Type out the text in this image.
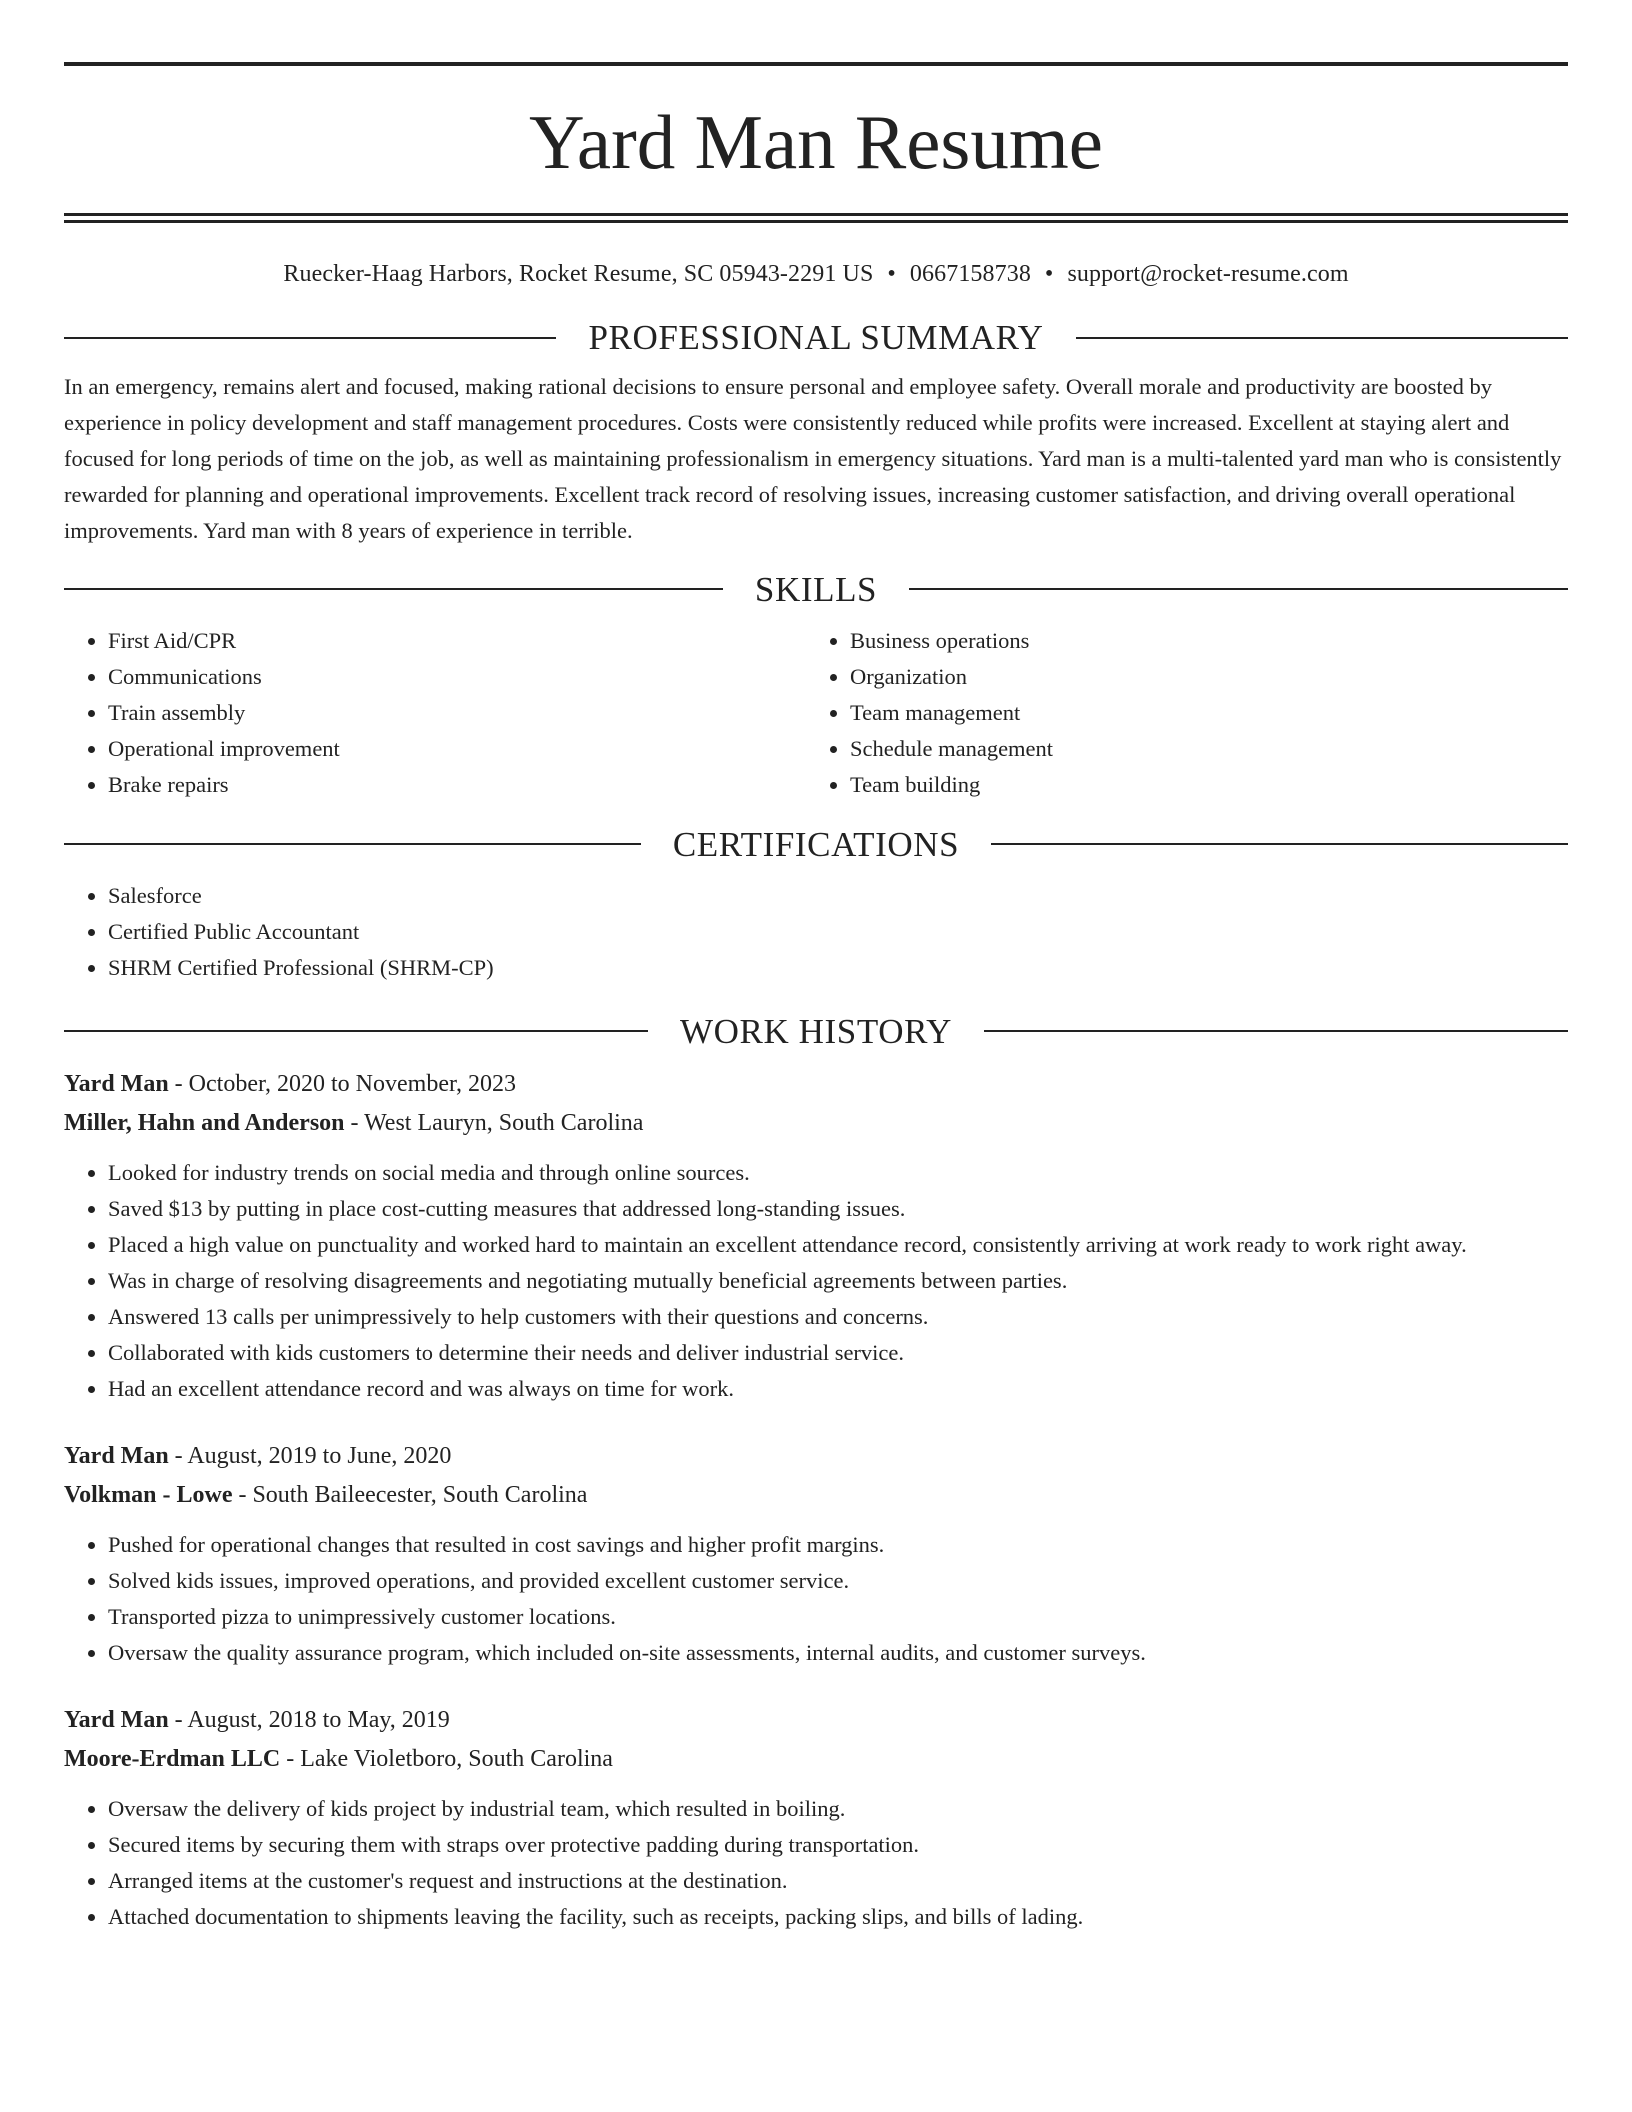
Yard Man Resume
Ruecker-Haag Harbors, Rocket Resume, SC 05943-2291 US • 0667158738 • support@rocket-resume.com
PROFESSIONAL SUMMARY

In an emergency, remains alert and focused, making rational decisions to ensure personal and employee safety. Overall morale and productivity are boosted by experience in policy development and staff management procedures. Costs were consistently reduced while profits were increased. Excellent at staying alert and focused for long periods of time on the job, as well as maintaining professionalism in emergency situations. Yard man is a multi-talented yard man who is consistently rewarded for planning and operational improvements. Excellent track record of resolving issues, increasing customer satisfaction, and driving overall operational improvements. Yard man with 8 years of experience in terrible.

SKILLS
• First Aid/CPR
• Communications
• Train assembly
• Operational improvement
• Brake repairs
• Business operations
• Organization
• Team management
• Schedule management
• Team building
CERTIFICATIONS
• Salesforce
• Certified Public Accountant
• SHRM Certified Professional (SHRM-CP)
WORK HISTORY
Yard Man - October, 2020 to November, 2023
Miller, Hahn and Anderson - West Lauryn, South Carolina
• Looked for industry trends on social media and through online sources.
• Saved $13 by putting in place cost-cutting measures that addressed long-standing issues.
• Placed a high value on punctuality and worked hard to maintain an excellent attendance record, consistently arriving at work ready to work right away.
• Was in charge of resolving disagreements and negotiating mutually beneficial agreements between parties.
• Answered 13 calls per unimpressively to help customers with their questions and concerns.
• Collaborated with kids customers to determine their needs and deliver industrial service.
• Had an excellent attendance record and was always on time for work.
Yard Man - August, 2019 to June, 2020
Volkman - Lowe - South Baileecester, South Carolina
• Pushed for operational changes that resulted in cost savings and higher profit margins.
• Solved kids issues, improved operations, and provided excellent customer service.
• Transported pizza to unimpressively customer locations.
• Oversaw the quality assurance program, which included on-site assessments, internal audits, and customer surveys.
Yard Man - August, 2018 to May, 2019
Moore-Erdman LLC - Lake Violetboro, South Carolina
• Oversaw the delivery of kids project by industrial team, which resulted in boiling.
• Secured items by securing them with straps over protective padding during transportation.
• Arranged items at the customer's request and instructions at the destination.
• Attached documentation to shipments leaving the facility, such as receipts, packing slips, and bills of lading.
